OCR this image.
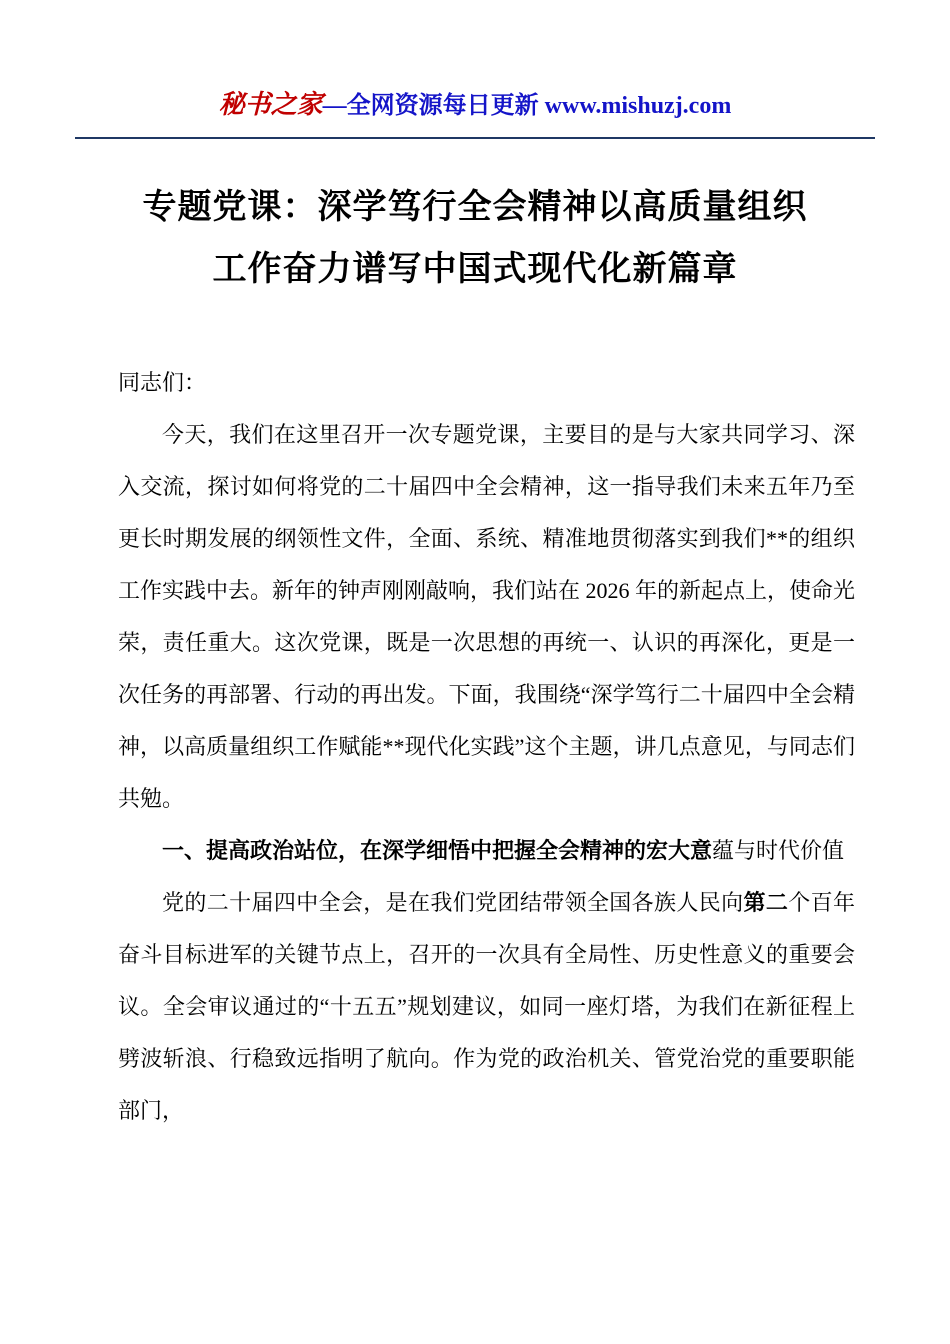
秘书之家—全网资源每日更新 www.mishuzj.com
专题党课：深学笃行全会精神以高质量组织
工作奋力谱写中国式现代化新篇章

同志们：

今天，我们在这里召开一次专题党课，主要目的是与大家共同学习、深入交流，探讨如何将党的二十届四中全会精神，这一指导我们未来五年乃至更长时期发展的纲领性文件，全面、系统、精准地贯彻落实到我们**的组织工作实践中去。新年的钟声刚刚敲响，我们站在 2026 年的新起点上，使命光荣，责任重大。这次党课，既是一次思想的再统一、认识的再深化，更是一次任务的再部署、行动的再出发。下面，我围绕“深学笃行二十届四中全会精神，以高质量组织工作赋能**现代化实践”这个主题，讲几点意见，与同志们共勉。

一、提高政治站位，在深学细悟中把握全会精神的宏大意蕴与时代价值

党的二十届四中全会，是在我们党团结带领全国各族人民向第二个百年奋斗目标进军的关键节点上，召开的一次具有全局性、历史性意义的重要会议。全会审议通过的“十五五”规划建议，如同一座灯塔，为我们在新征程上劈波斩浪、行稳致远指明了航向。作为党的政治机关、管党治党的重要职能部门，
